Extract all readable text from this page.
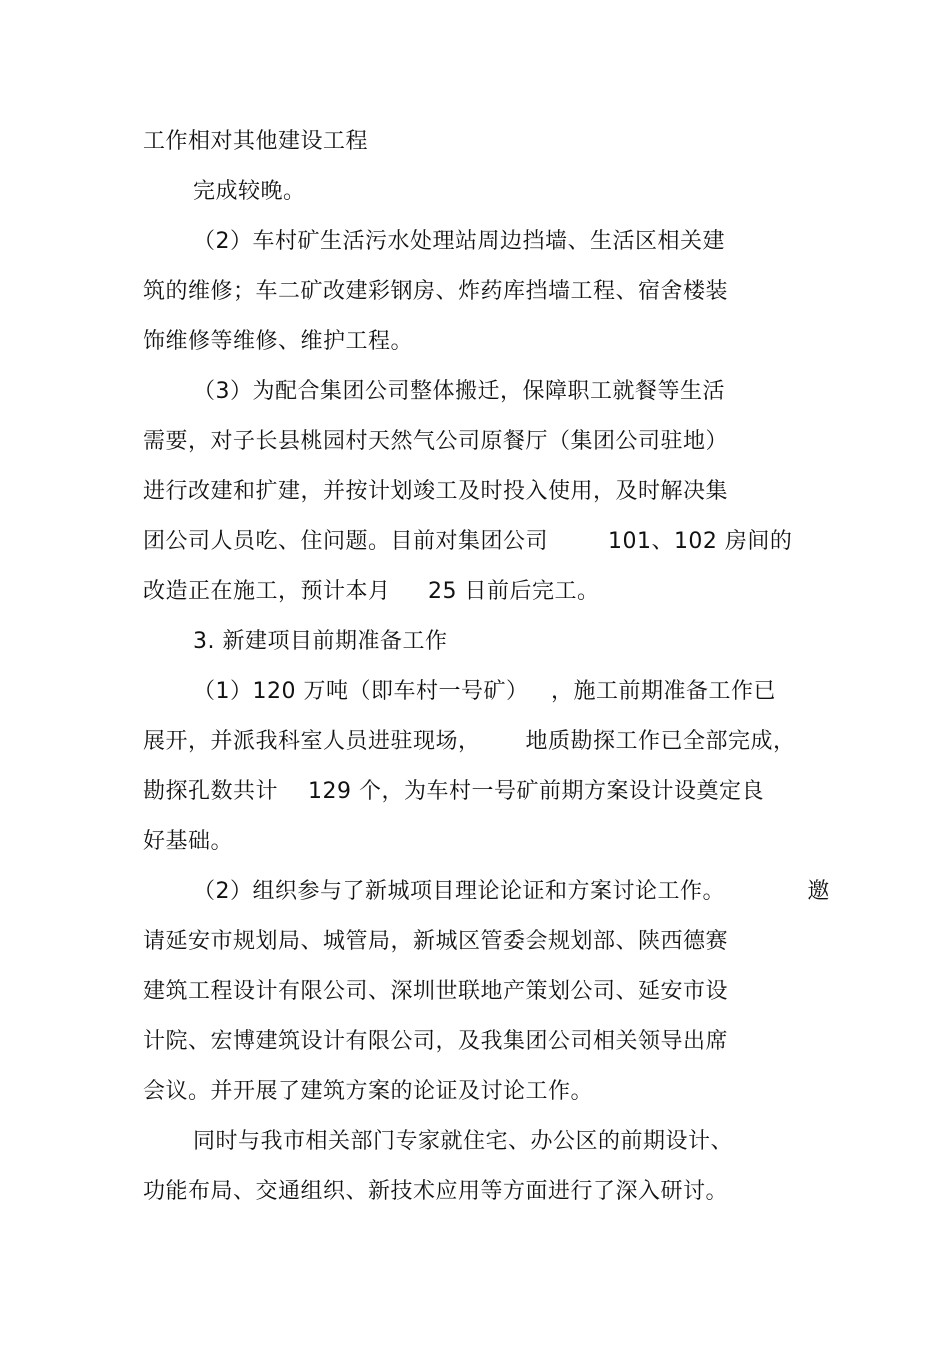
工作相对其他建设工程
完成较晚。
（2）车村矿生活污水处理站周边挡墙、生活区相关建
筑的维修；车二矿改建彩钢房、炸药库挡墙工程、宿舍楼装
饰维修等维修、维护工程。
（3）为配合集团公司整体搬迁，保障职工就餐等生活
需要，对子长县桃园村天然气公司原餐厅（集团公司驻地）
进行改建和扩建，并按计划竣工及时投入使用，及时解决集
团公司人员吃、住问题。目前对集团公司        101、102 房间的
改造正在施工，预计本月     25 日前后完工。
3. 新建项目前期准备工作
（1）120 万吨（即车村一号矿）   ，施工前期准备工作已
展开，并派我科室人员进驻现场，      地质勘探工作已全部完成，
勘探孔数共计    129 个，为车村一号矿前期方案设计设奠定良
好基础。
（2）组织参与了新城项目理论论证和方案讨论工作。           邀
请延安市规划局、城管局，新城区管委会规划部、陕西德赛
建筑工程设计有限公司、深圳世联地产策划公司、延安市设
计院、宏博建筑设计有限公司，及我集团公司相关领导出席
会议。并开展了建筑方案的论证及讨论工作。
同时与我市相关部门专家就住宅、办公区的前期设计、
功能布局、交通组织、新技术应用等方面进行了深入研讨。
